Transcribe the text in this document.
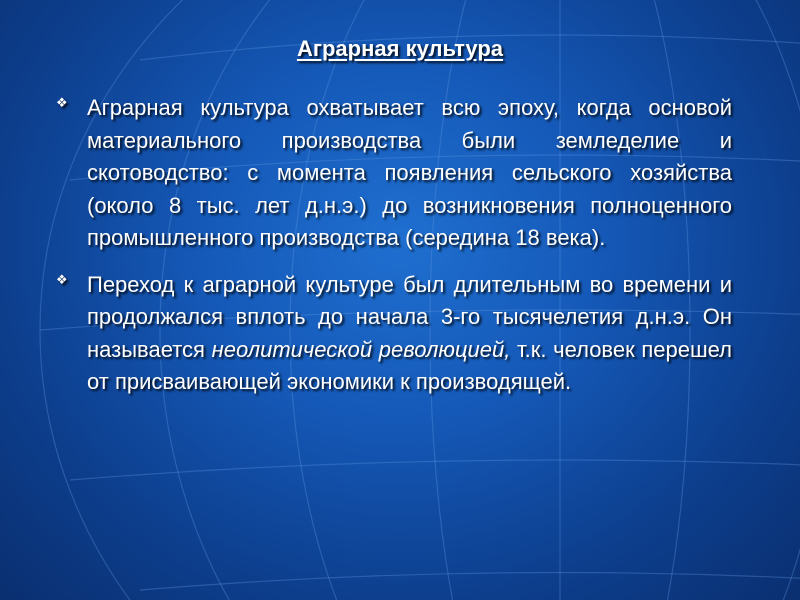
Аграрная культура
❖ Аграрная культура охватывает всю эпоху, когда основой материального производства были земледелие и скотоводство: с момента появления сельского хозяйства (около 8 тыс. лет д.н.э.) до возникновения полноценного промышленного производства (середина 18 века).
❖ Переход к аграрной культуре был длительным во времени и продолжался вплоть до начала 3-го тысячелетия д.н.э. Он называется неолитической революцией, т.к. человек перешел от присваивающей экономики к производящей.
